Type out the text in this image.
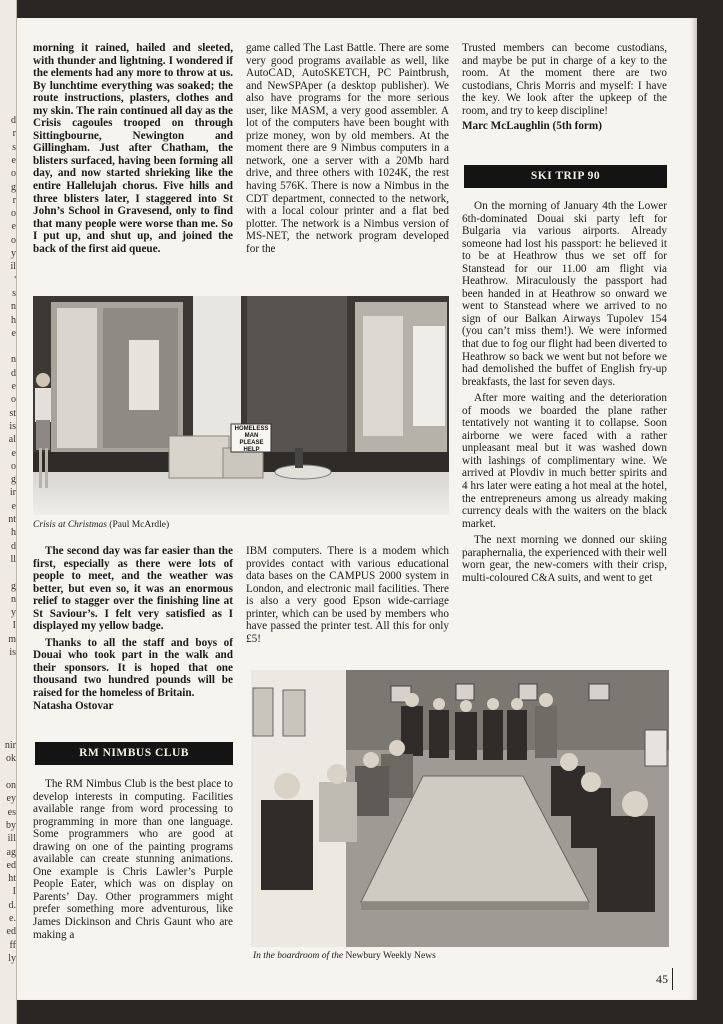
d
r
s
e
o
g
r
o
e
o
y
il
'
s
n
h
e
n
d
e
o
st
is
al
e
o
g
ir
e
nt
h
d
ll
g
n
y
I
m
is
nir
ok
on
ey
es
by
ill
ag
ed
ht
I
d.
e.
ed
ff
ly

morning it rained, hailed and sleeted, with thunder and lightning. I wondered if the elements had any more to throw at us. By lunchtime everything was soaked; the route instructions, plasters, clothes and my skin. The rain continued all day as the Crisis cagoules trooped on through Sittingbourne, Newington and Gillingham. Just after Chatham, the blisters surfaced, having been forming all day, and now started shrieking like the entire Hallelujah chorus. Five hills and three blisters later, I staggered into St John’s School in Gravesend, only to find that many people were worse than me. So I put up, and shut up, and joined the back of the first aid queue.

game called The Last Battle. There are some very good programs available as well, like AutoCAD, AutoSKETCH, PC Paintbrush, and NewSPAper (a desktop publisher). We also have programs for the more serious user, like MASM, a very good assembler. A lot of the computers have been bought with prize money, won by old members. At the moment there are 9 Nimbus computers in a network, one a server with a 20Mb hard drive, and three others with 1024K, the rest having 576K. There is now a Nimbus in the CDT department, connected to the network, with a local colour printer and a flat bed plotter. The network is a Nimbus version of MS-NET, the network program developed for the

Trusted members can become custodians, and maybe be put in charge of a key to the room. At the moment there are two custodians, Chris Morris and myself: I have the key. We look after the upkeep of the room, and try to keep discipline!

Marc McLaughlin (5th form)

SKI TRIP 90

On the morning of January 4th the Lower 6th-dominated Douai ski party left for Bulgaria via various airports. Already someone had lost his passport: he believed it to be at Heathrow thus we set off for Stanstead for our 11.00 am flight via Heathrow. Miraculously the passport had been handed in at Heathrow so onward we went to Stanstead where we arrived to no sign of our Balkan Airways Tupolev 154 (you can’t miss them!). We were informed that due to fog our flight had been diverted to Heathrow so back we went but not before we had demolished the buffet of English fry-up breakfasts, the last for seven days.

After more waiting and the deterioration of moods we boarded the plane rather tentatively not wanting it to collapse. Soon airborne we were faced with a rather unpleasant meal but it was washed down with lashings of complimentary wine. We arrived at Plovdiv in much better spirits and 4 hrs later were eating a hot meal at the hotel, the entrepreneurs among us already making currency deals with the waiters on the black market.

The next morning we donned our skiing paraphernalia, the experienced with their well worn gear, the new-comers with their crisp, multi-coloured C&A suits, and went to get

HOMELESS MAN PLEASE HELP
Crisis at Christmas (Paul McArdle)

The second day was far easier than the first, especially as there were lots of people to meet, and the weather was better, but even so, it was an enormous relief to stagger over the finishing line at St Saviour’s. I felt very satisfied as I displayed my yellow badge.

Thanks to all the staff and boys of Douai who took part in the walk and their sponsors. It is hoped that one thousand two hundred pounds will be raised for the homeless of Britain.

Natasha Ostovar

RM NIMBUS CLUB

The RM Nimbus Club is the best place to develop interests in computing. Facilities available range from word processing to programming in more than one language. Some programmers who are good at drawing on one of the painting programs available can create stunning animations. One example is Chris Lawler’s Purple People Eater, which was on display on Parents’ Day. Other programmers might prefer something more adventurous, like James Dickinson and Chris Gaunt who are making a

IBM computers. There is a modem which provides contact with various educational data bases on the CAMPUS 2000 system in London, and electronic mail facilities. There is also a very good Epson wide-carriage printer, which can be used by members who have passed the printer test. All this for only £5!

In the boardroom of the Newbury Weekly News
45
